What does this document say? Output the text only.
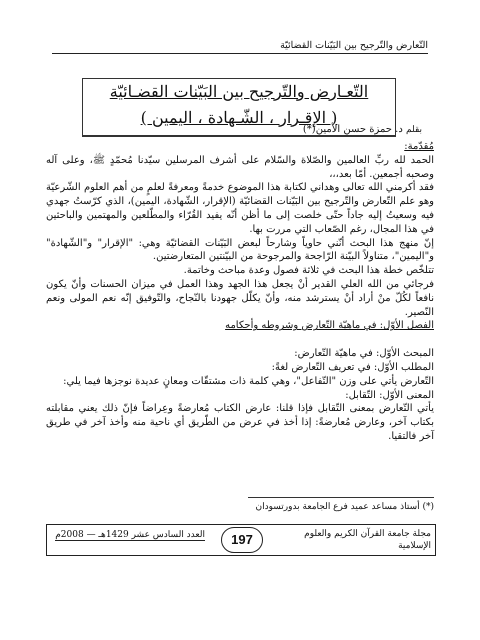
التّعارض والتّرجيح بين البَيّنات القضائيّة
التّعـارض والتّرجيح بين البَيّنات القضـائيّة
( الإقـرار ، الشّـهادة ، اليمين )
بقلم د. حمزة حسن الأمين(*)

مُقدّمة:

الحمد لله ربِّ العالمين والصّلاة والسّلام على أشرف المرسلين سيّدنا مُحمّدٍ ﷺ، وعلى آله وصحبه أجمعين. أمّا بعد،،،

فقد أكرمني الله تعالى وهداني لكتابة هذا الموضوع خدمةً ومعرفةً لعلمٍ من أهم العلوم الشّرعيّة وهو علم التّعارض والتّرجيح بين البَيّنات القضائيّة (الإقرار، الشّهادة، اليمين)، الذي كرّستُ جهدي فيه وسعيتُ إليه جاداً حتّى خلصت إلى ما أظن أنّه يفيد القُرّاء والمطّلعين والمهتمين والباحثين في هذا المجال، رغم الصّعاب التي مررت بها.

إنّ منهج هذا البحث أنّني حاوياً وشارحاً لبعض البَيّنات القضائيّة وهي: "الإقرار" و"الشّهادة" و"اليمين"، متناولاً البيّنة الرّاجحة والمرجوحة من البيّنتين المتعارضتين.

تتلخّص خطة هذا البحث في ثلاثة فصول وعدة مباحث وخاتمة.

فرجائي من الله العلي القدير أنْ يجعل هذا الجهد وهذا العمل في ميزان الحسنات وأنّ يكون نافعاً لكُلّ منْ أراد أنْ يسترشد منه، وأنّ يكلّل جهودنا بالنّجاح، والتّوفيق إنّه نعم المولى ونعم النّصير.

الفصل الأوّل: في ماهيّة التّعارض وشروطه وأحكامه

المبحث الأوّل: في ماهيّة التّعارض:

المطلب الأوّل: في تعريف التّعارض لغةً:

التّعارض يأتي على وزن "التّفاعل"، وهي كلمة ذات مشتقّات ومعانٍ عديدة نوجزها فيما يلي:

المعنى الأوّل: التّقابل:

يأتي التّعارض بمعنى التّقابل فإذا قلنا: عارض الكتاب مُعارضةً وعِراضاً فإنّ ذلك يعني مقابلته بكتاب آخر، وعارض مُعارضةً: إذا أخذ في عرض من الطّريق أي ناحية منه وأخذ آخر في طريق آخر فالتقيا.

(*) أستاذ مساعد عميد فرع الجامعة بدورتسودان
مجلة جامعة القرآن الكريم والعلوم الإسلامية
197
العدد السادس عشر 1429هـ — 2008م
